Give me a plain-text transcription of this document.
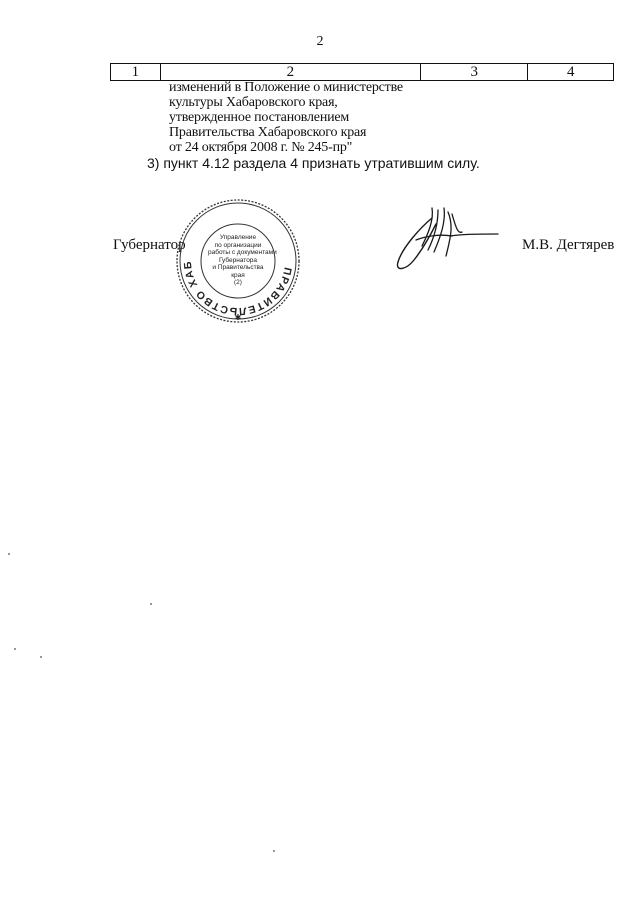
2
1	2	3	4
изменений в Положение о министерстве
культуры Хабаровского края,
утвержденное постановлением
Правительства Хабаровского края
от 24 октября 2008 г. № 245-пр"
3) пункт 4.12 раздела 4 признать утратившим силу.
Губернатор
ПРАВИТЕЛЬСТВО ХАБ
✱
Управление
по организации
работы с документами
Губернатора
и Правительства
края
(2)
М.В. Дегтярев
